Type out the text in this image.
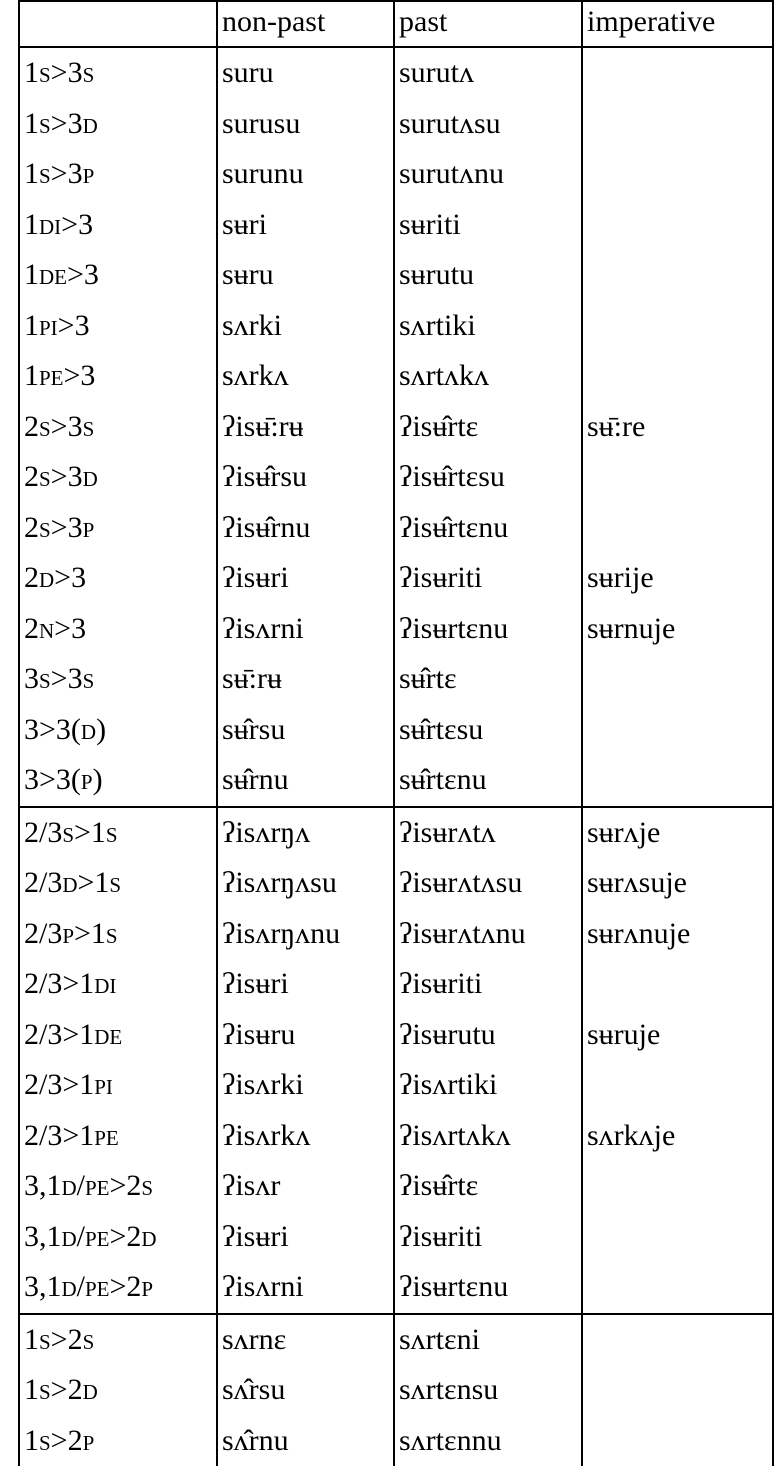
	non-past	past	imperative
1s>3s	suru	surutʌ	
1s>3d	surusu	surutʌsu	
1s>3p	surunu	surutʌnu	
1di>3	sʉri	sʉriti	
1de>3	sʉru	sʉrutu	
1pi>3	sʌrki	sʌrtiki	
1pe>3	sʌrkʌ	sʌrtʌkʌ	
2s>3s	ʔisʉ̄:rʉ	ʔisʉ̂rtɛ	sʉ̄:re
2s>3d	ʔisʉ̂rsu	ʔisʉ̂rtɛsu	
2s>3p	ʔisʉ̂rnu	ʔisʉ̂rtɛnu	
2d>3	ʔisʉri	ʔisʉriti	sʉrije
2n>3	ʔisʌrni	ʔisʉrtɛnu	sʉrnuje
3s>3s	sʉ̄:rʉ	sʉ̂rtɛ	
3>3(d)	sʉ̂rsu	sʉ̂rtɛsu	
3>3(p)	sʉ̂rnu	sʉ̂rtɛnu	
2/3s>1s	ʔisʌrŋʌ	ʔisʉrʌtʌ	sʉrʌje
2/3d>1s	ʔisʌrŋʌsu	ʔisʉrʌtʌsu	sʉrʌsuje
2/3p>1s	ʔisʌrŋʌnu	ʔisʉrʌtʌnu	sʉrʌnuje
2/3>1di	ʔisʉri	ʔisʉriti	
2/3>1de	ʔisʉru	ʔisʉrutu	sʉruje
2/3>1pi	ʔisʌrki	ʔisʌrtiki	
2/3>1pe	ʔisʌrkʌ	ʔisʌrtʌkʌ	sʌrkʌje
3,1d/pe>2s	ʔisʌr	ʔisʉ̂rtɛ	
3,1d/pe>2d	ʔisʉri	ʔisʉriti	
3,1d/pe>2p	ʔisʌrni	ʔisʉrtɛnu	
1s>2s	sʌrnɛ	sʌrtɛni	
1s>2d	sʌ̂rsu	sʌrtɛnsu	
1s>2p	sʌ̂rnu	sʌrtɛnnu	
